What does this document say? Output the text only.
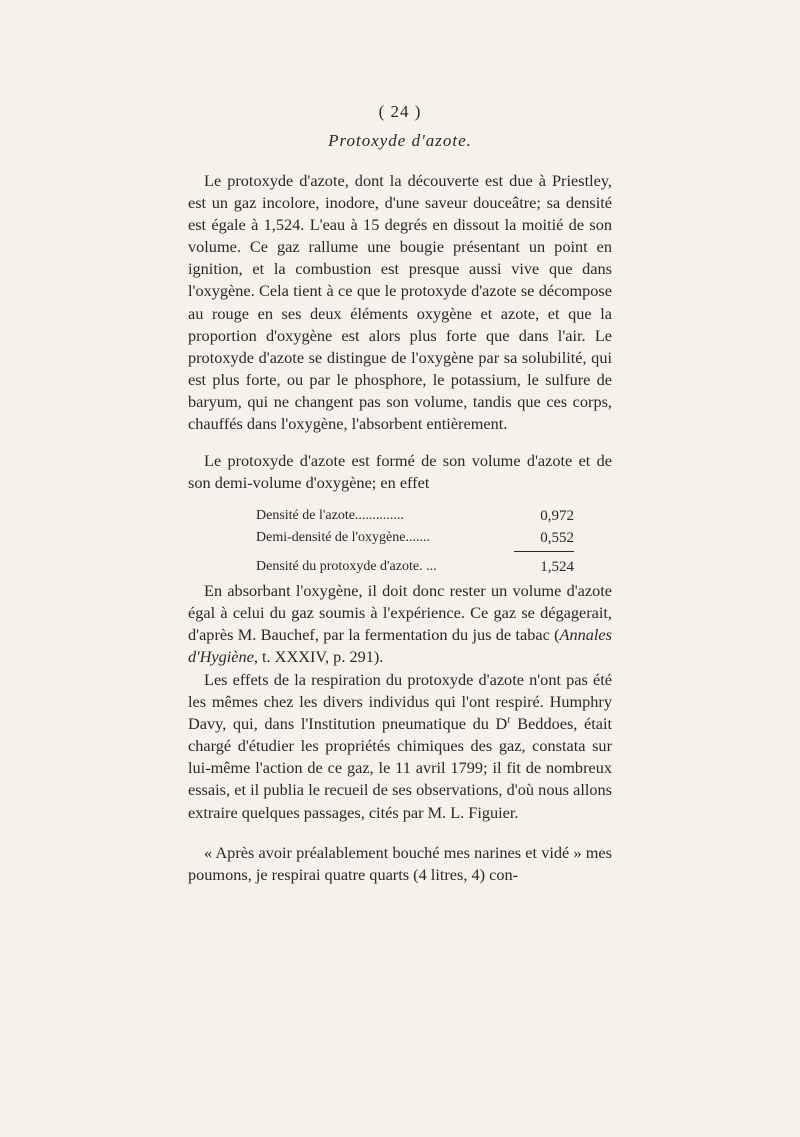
( 24 )
Protoxyde d'azote.

Le protoxyde d'azote, dont la découverte est due à Priestley, est un gaz incolore, inodore, d'une saveur douceâtre; sa densité est égale à 1,524. L'eau à 15 degrés en dissout la moitié de son volume. Ce gaz rallume une bougie présentant un point en ignition, et la combustion est presque aussi vive que dans l'oxygène. Cela tient à ce que le protoxyde d'azote se décompose au rouge en ses deux éléments oxygène et azote, et que la proportion d'oxygène est alors plus forte que dans l'air. Le protoxyde d'azote se distingue de l'oxygène par sa solubilité, qui est plus forte, ou par le phosphore, le potassium, le sulfure de baryum, qui ne changent pas son volume, tandis que ces corps, chauffés dans l'oxygène, l'absorbent entièrement.

Le protoxyde d'azote est formé de son volume d'azote et de son demi-volume d'oxygène; en effet

Densité de l'azote..............	0,972
Demi-densité de l'oxygène.......	0,552
Densité du protoxyde d'azote. ...	1,524

En absorbant l'oxygène, il doit donc rester un volume d'azote égal à celui du gaz soumis à l'expérience. Ce gaz se dégagerait, d'après M. Bauchef, par la fermentation du jus de tabac (Annales d'Hygiène, t. XXXIV, p. 291).

Les effets de la respiration du protoxyde d'azote n'ont pas été les mêmes chez les divers individus qui l'ont respiré. Humphry Davy, qui, dans l'Institution pneumatique du $D^r$ Beddoes, était chargé d'étudier les propriétés chimiques des gaz, constata sur lui-même l'action de ce gaz, le 11 avril 1799; il fit de nombreux essais, et il publia le recueil de ses observations, d'où nous allons extraire quelques passages, cités par M. L. Figuier.

« Après avoir préalablement bouché mes narines et vidé » mes poumons, je respirai quatre quarts (4 litres, 4) con-
